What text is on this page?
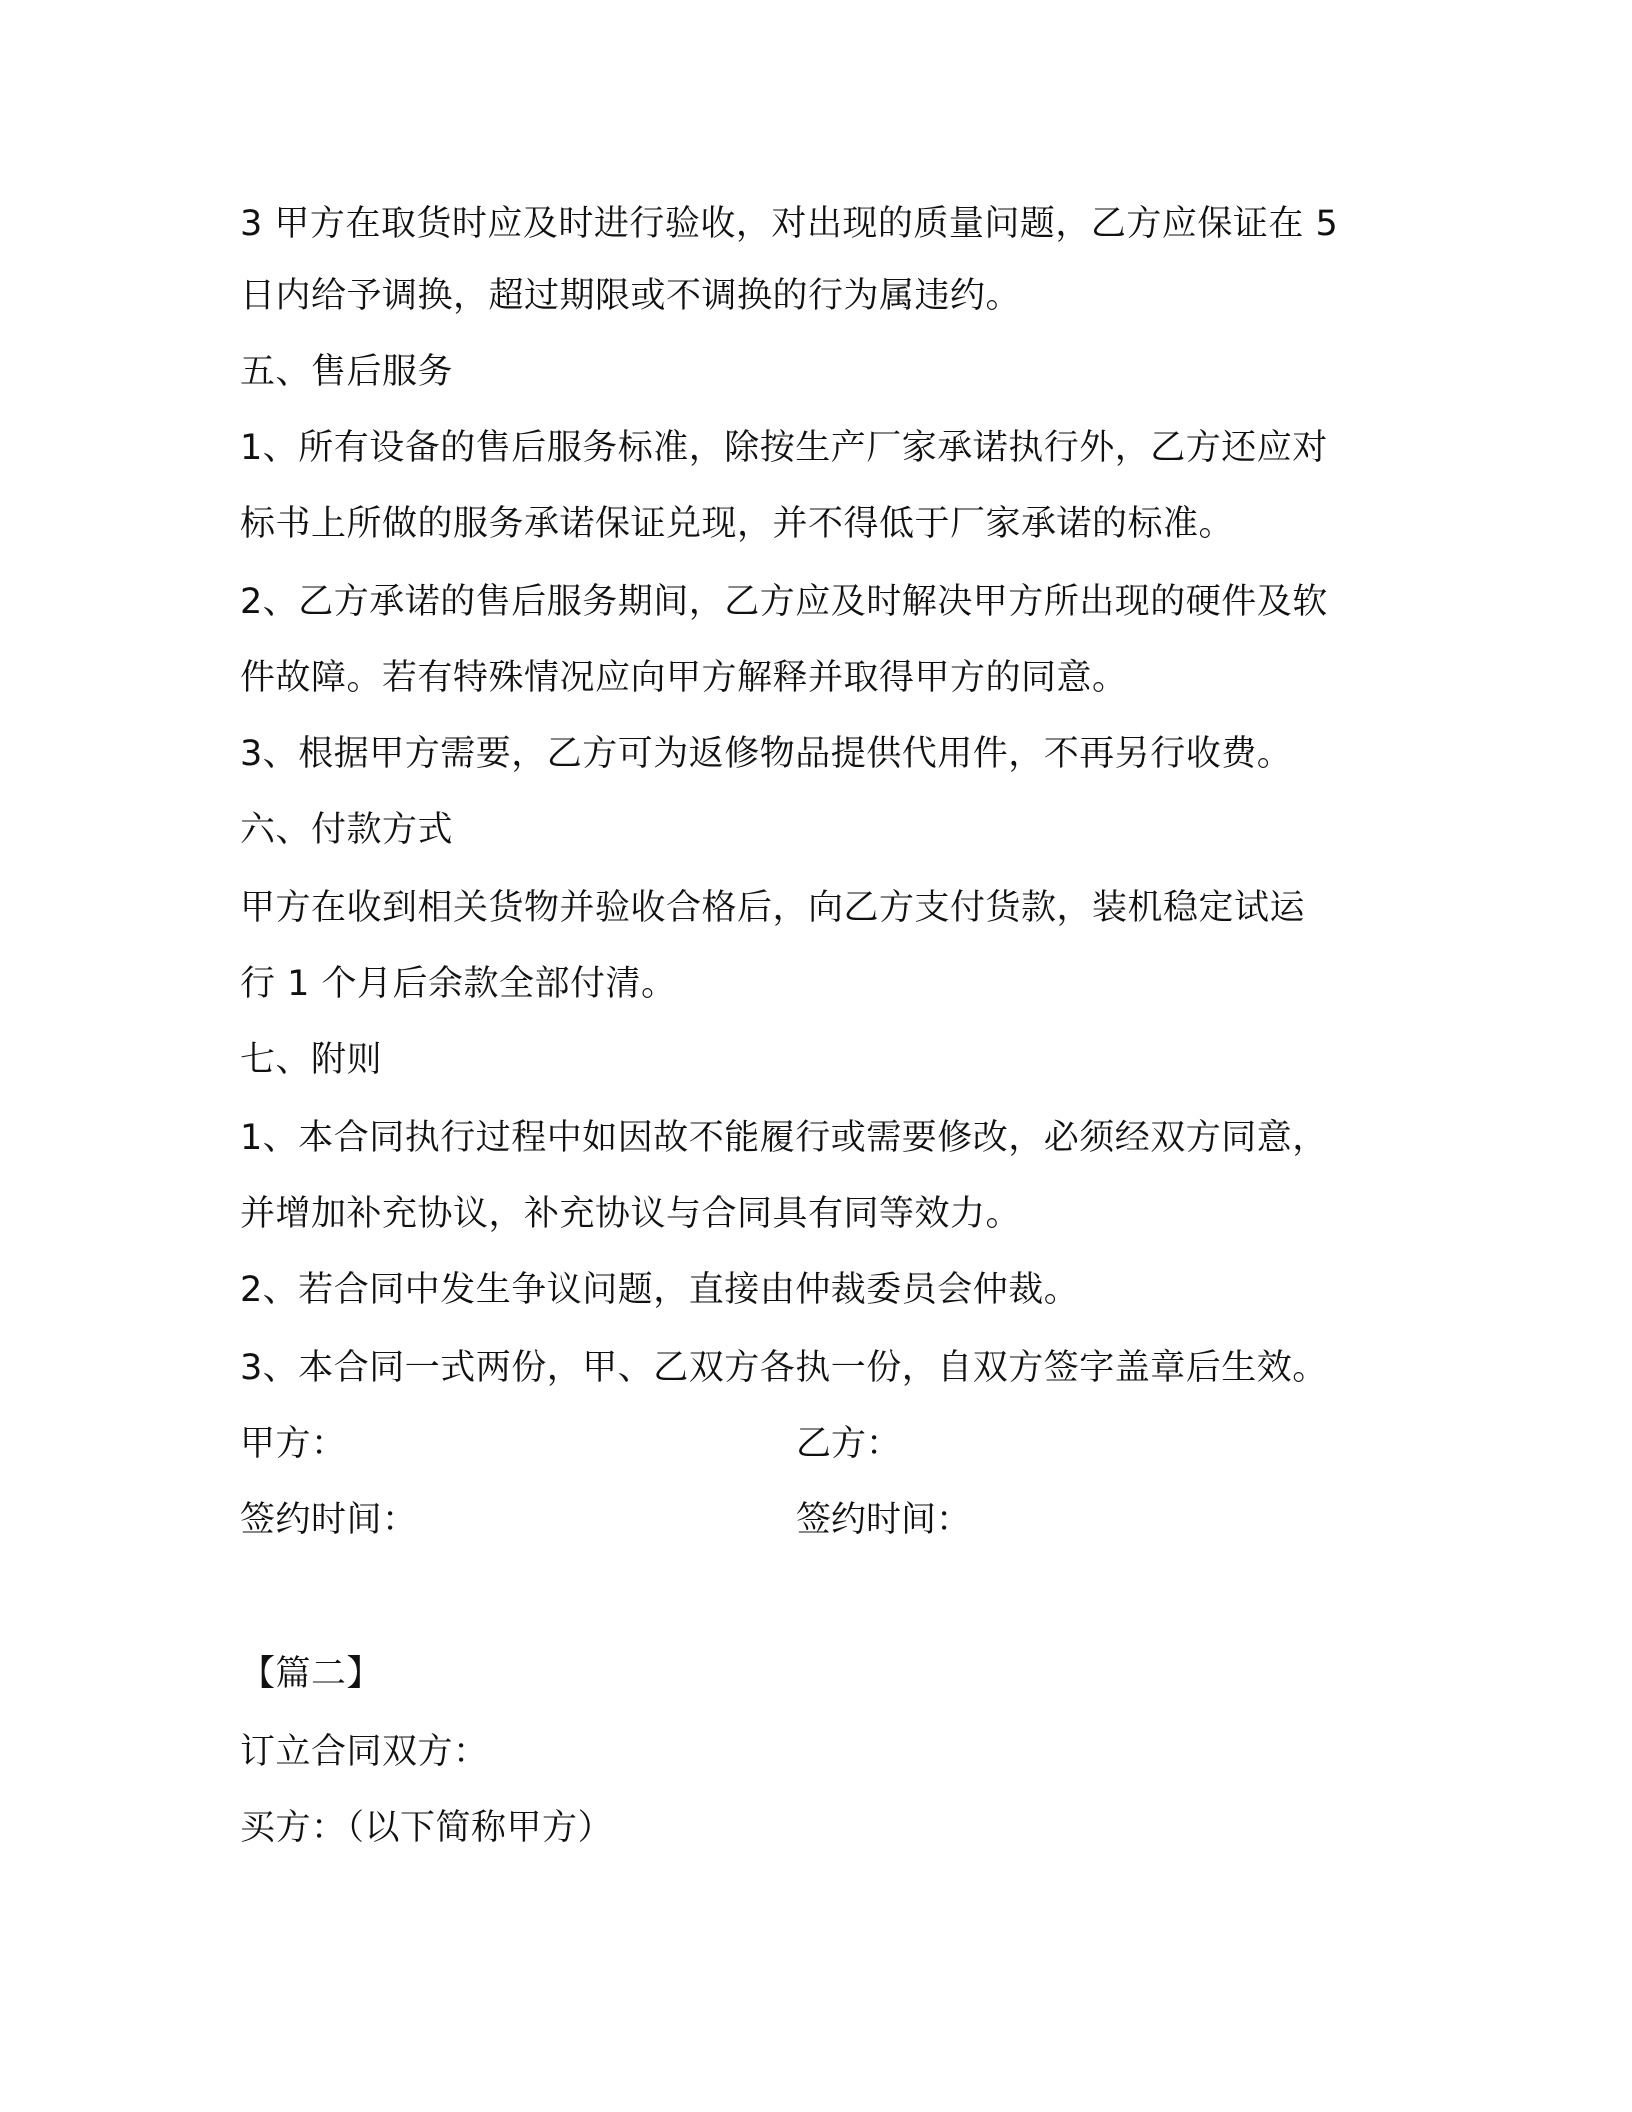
3 甲方在取货时应及时进行验收，对出现的质量问题，乙方应保证在 5
日内给予调换，超过期限或不调换的行为属违约。
五、售后服务
1、所有设备的售后服务标准，除按生产厂家承诺执行外，乙方还应对
标书上所做的服务承诺保证兑现，并不得低于厂家承诺的标准。
2、乙方承诺的售后服务期间，乙方应及时解决甲方所出现的硬件及软
件故障。若有特殊情况应向甲方解释并取得甲方的同意。
3、根据甲方需要，乙方可为返修物品提供代用件，不再另行收费。
六、付款方式
甲方在收到相关货物并验收合格后，向乙方支付货款，装机稳定试运
行 1 个月后余款全部付清。
七、附则
1、本合同执行过程中如因故不能履行或需要修改，必须经双方同意，
并增加补充协议，补充协议与合同具有同等效力。
2、若合同中发生争议问题，直接由仲裁委员会仲裁。
3、本合同一式两份，甲、乙双方各执一份，自双方签字盖章后生效。
甲方：	乙方：
签约时间：	签约时间：
【篇二】
订立合同双方：
买方：（以下简称甲方）
